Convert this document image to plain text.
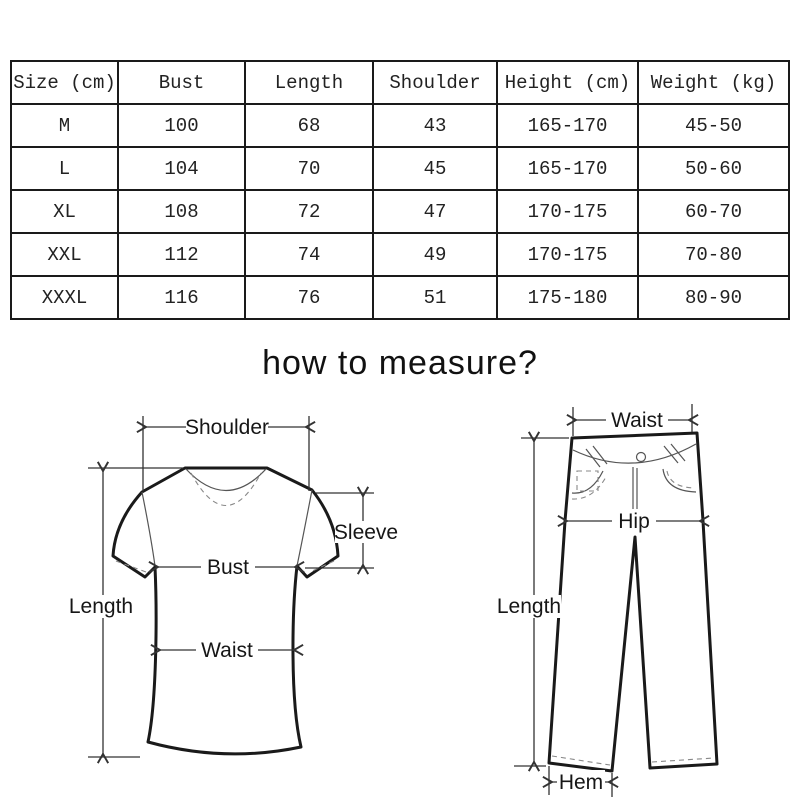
Size (cm)	Bust	Length	Shoulder	Height (cm)	Weight (kg)
M	100	68	43	165-170	45-50
L	104	70	45	165-170	50-60
XL	108	72	47	170-175	60-70
XXL	112	74	49	170-175	70-80
XXXL	116	76	51	175-180	80-90
how to measure?
Shoulder
Length
Sleeve
Bust
Waist
Waist
Hip
Length
Hem
